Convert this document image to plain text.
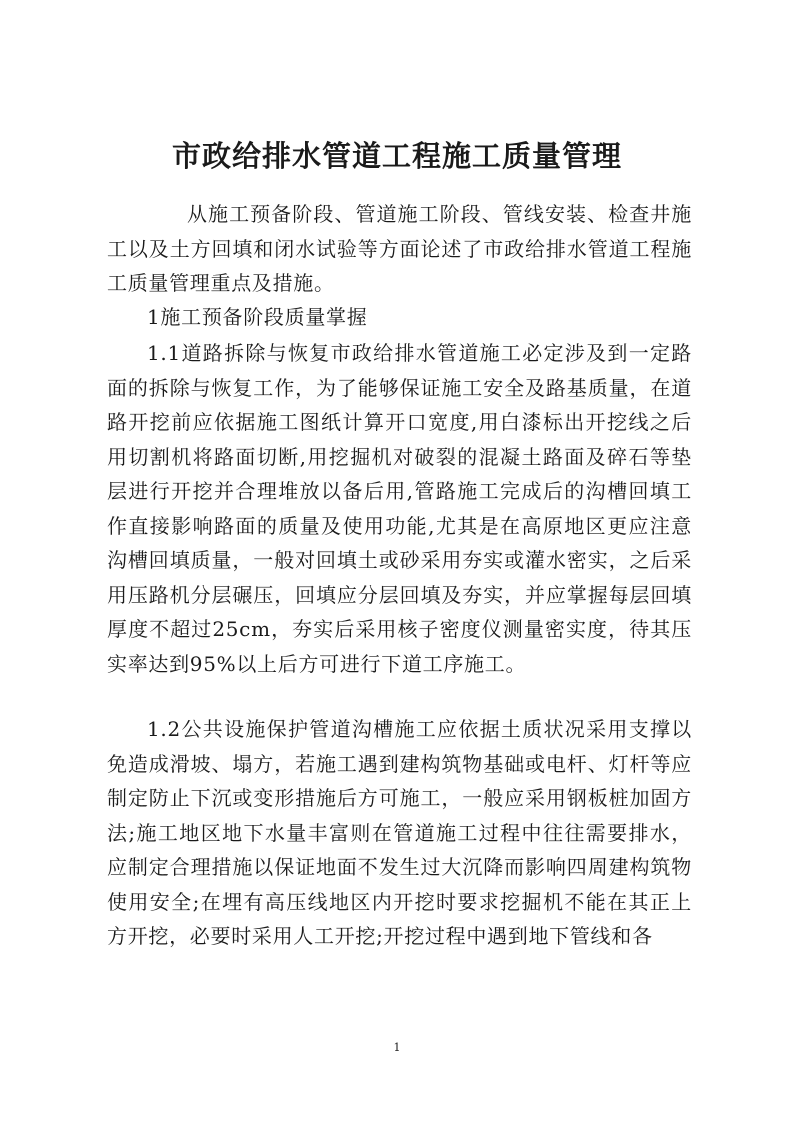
市政给排水管道工程施工质量管理

从施工预备阶段、管道施工阶段、管线安装、检查井施工以及土方回填和闭水试验等方面论述了市政给排水管道工程施工质量管理重点及措施。

1施工预备阶段质量掌握

1.1道路拆除与恢复市政给排水管道施工必定涉及到一定路面的拆除与恢复工作，为了能够保证施工安全及路基质量，在道路开挖前应依据施工图纸计算开口宽度,用白漆标出开挖线之后用切割机将路面切断,用挖掘机对破裂的混凝土路面及碎石等垫层进行开挖并合理堆放以备后用,管路施工完成后的沟槽回填工作直接影响路面的质量及使用功能,尤其是在高原地区更应注意沟槽回填质量，一般对回填土或砂采用夯实或灌水密实，之后采用压路机分层碾压，回填应分层回填及夯实，并应掌握每层回填厚度不超过25cm，夯实后采用核子密度仪测量密实度，待其压实率达到95%以上后方可进行下道工序施工。

1.2公共设施保护管道沟槽施工应依据土质状况采用支撑以免造成滑坡、塌方，若施工遇到建构筑物基础或电杆、灯杆等应制定防止下沉或变形措施后方可施工，一般应采用钢板桩加固方法;施工地区地下水量丰富则在管道施工过程中往往需要排水，应制定合理措施以保证地面不发生过大沉降而影响四周建构筑物使用安全;在埋有高压线地区内开挖时要求挖掘机不能在其正上方开挖，必要时采用人工开挖;开挖过程中遇到地下管线和各

1
